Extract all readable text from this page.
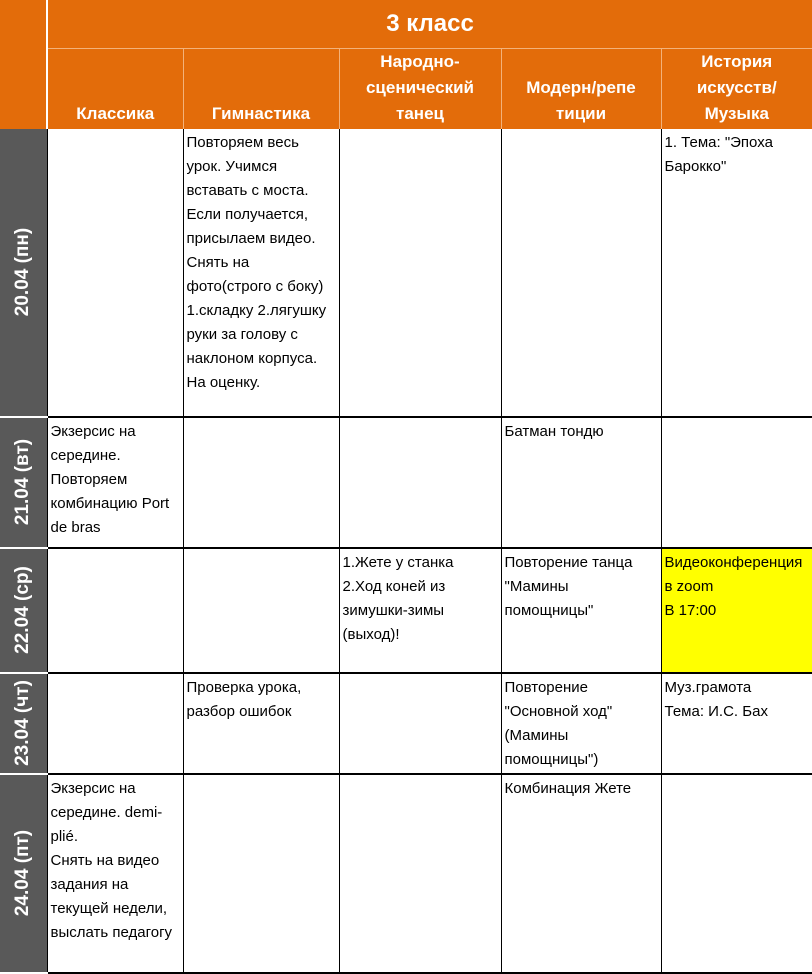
	3 класс				
	Классика	Гимнастика	Народно-
сценический
танец	Модерн/репе
тиции	История
искусств/
Музыка

20.04 (пн)		Повторяем весь урок. Учимся вставать с моста. Если получается, присылаем видео. Снять на фото(строго с боку) 1.складку 2.лягушку руки за голову с наклоном корпуса. На оценку.			1. Тема: "Эпоха Барокко"

21.04 (вт)	Экзерсис на середине. Повторяем комбинацию Port de bras			Батман тондю	

22.04 (ср)			1.Жете у станка
2.Ход коней из зимушки-зимы (выход)!	Повторение танца "Мамины помощницы"	Видеоконференция в zoom
В 17:00

23.04 (чт)		Проверка урока, разбор ошибок		Повторение "Основной ход" (Мамины помощницы")	Муз.грамота
Тема: И.С. Бах

24.04 (пт)	Экзерсис на середине. demi-plié.
Снять на видео задания на текущей недели, выслать педагогу			Комбинация Жете	
